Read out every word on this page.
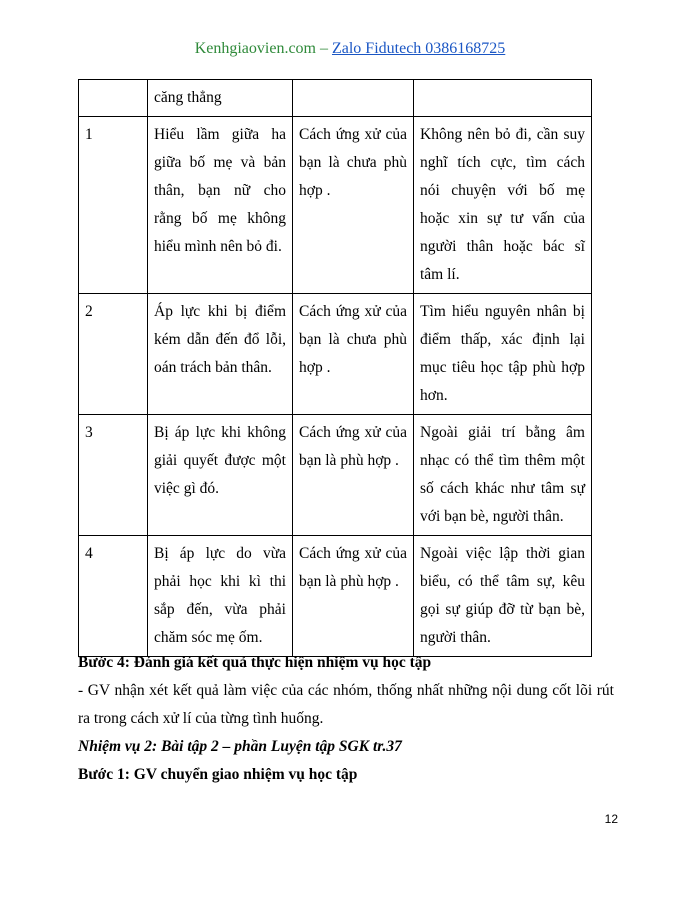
Kenhgiaovien.com – Zalo Fidutech 0386168725
	căng thẳng		
1	Hiểu lầm giữa ha giữa bố mẹ và bản thân, bạn nữ cho rằng bố mẹ không hiểu mình nên bỏ đi.	Cách ứng xử của bạn là chưa phù hợp .	Không nên bỏ đi, cần suy nghĩ tích cực, tìm cách nói chuyện với bố mẹ hoặc xin sự tư vấn của người thân hoặc bác sĩ tâm lí.
2	Áp lực khi bị điểm kém dẫn đến đổ lỗi, oán trách bản thân.	Cách ứng xử của bạn là chưa phù hợp .	Tìm hiểu nguyên nhân bị điểm thấp, xác định lại mục tiêu học tập phù hợp hơn.
3	Bị áp lực khi không giải quyết được một việc gì đó.	Cách ứng xử của bạn là phù hợp .	Ngoài giải trí bằng âm nhạc có thể tìm thêm một số cách khác như tâm sự với bạn bè, người thân.
4	Bị áp lực do vừa phải học khi kì thi sắp đến, vừa phải chăm sóc mẹ ốm.	Cách ứng xử của bạn là phù hợp .	Ngoài việc lập thời gian biểu, có thể tâm sự, kêu gọi sự giúp đỡ từ bạn bè, người thân.
Bước 4: Đánh giá kết quả thực hiện nhiệm vụ học tập
- GV nhận xét kết quả làm việc của các nhóm, thống nhất những nội dung cốt lõi rút ra trong cách xử lí của từng tình huống.
Nhiệm vụ 2: Bài tập 2 – phần Luyện tập SGK tr.37
Bước 1: GV chuyển giao nhiệm vụ học tập
12
